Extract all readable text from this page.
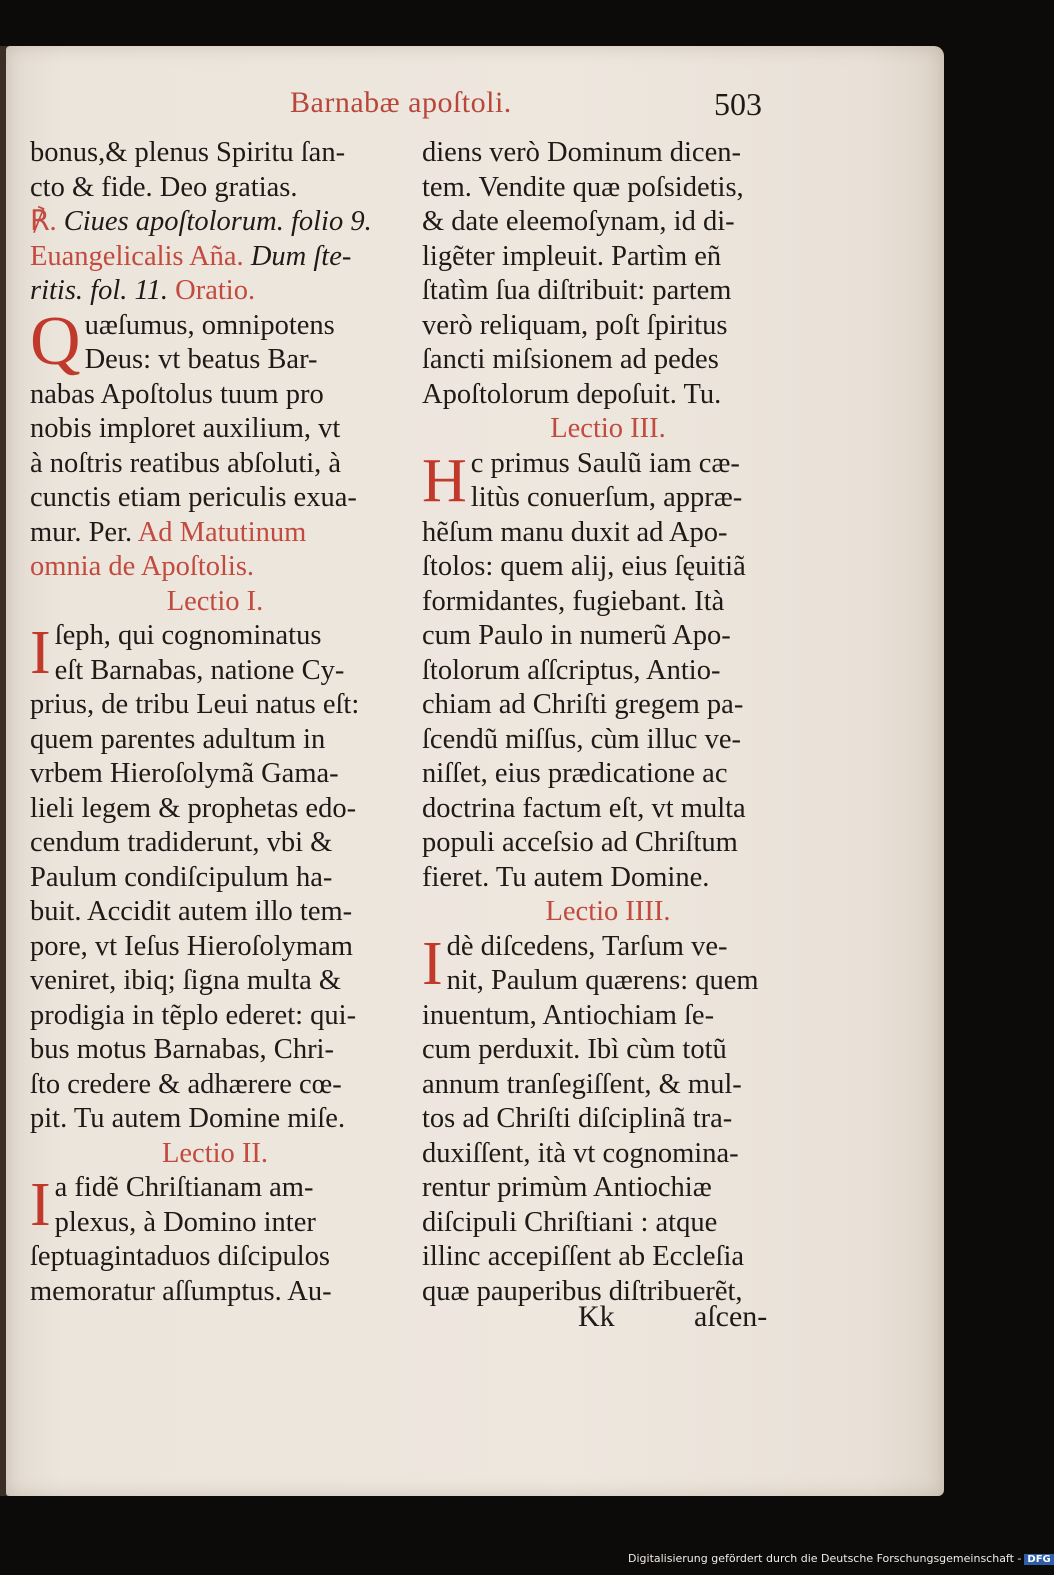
Barnabæ apoſtoli.	503
bonus,& plenus Spiritu ſan-
cto & fide. Deo gratias.
℟. Ciues apoſtolorum. folio 9.
Euangelicalis Aña. Dum ſte-
ritis. fol. 11. Oratio.
Quæſumus, omnipotens
Deus: vt beatus Bar-
nabas Apoſtolus tuum pro
nobis imploret auxilium, vt
à noſtris reatibus abſoluti, à
cunctis etiam periculis exua-
mur. Per. Ad Matutinum
omnia de Apoſtolis.
Lectio I.
Iſeph, qui cognominatus
eſt Barnabas, natione Cy-
prius, de tribu Leui natus eſt:
quem parentes adultum in
vrbem Hieroſolymã Gama-
lieli legem & prophetas edo-
cendum tradiderunt, vbi &
Paulum condiſcipulum ha-
buit. Accidit autem illo tem-
pore, vt Ieſus Hieroſolymam
veniret, ibiq; ſigna multa &
prodigia in tẽplo ederet: qui-
bus motus Barnabas, Chri-
ſto credere & adhærere cœ-
pit. Tu autem Domine miſe.
Lectio II.
Ia fidẽ Chriſtianam am-
plexus, à Domino inter
ſeptuagintaduos diſcipulos
memoratur aſſumptus. Au-
diens verò Dominum dicen-
tem. Vendite quæ poſsidetis,
& date eleemoſynam, id di-
ligẽter impleuit. Partìm eñ
ſtatìm ſua diſtribuit: partem
verò reliquam, poſt ſpiritus
ſancti miſsionem ad pedes
Apoſtolorum depoſuit. Tu.
Lectio III.
Hc primus Saulũ iam cæ-
litùs conuerſum, appræ-
hẽſum manu duxit ad Apo-
ſtolos: quem alij, eius ſęuitiã
formidantes, fugiebant. Ità
cum Paulo in numerũ Apo-
ſtolorum aſſcriptus, Antio-
chiam ad Chriſti gregem pa-
ſcendũ miſſus, cùm illuc ve-
niſſet, eius prædicatione ac
doctrina factum eſt, vt multa
populi acceſsio ad Chriſtum
fieret. Tu autem Domine.
Lectio IIII.
Idè diſcedens, Tarſum ve-
nit, Paulum quærens: quem
inuentum, Antiochiam ſe-
cum perduxit. Ibì cùm totũ
annum tranſegiſſent, & mul-
tos ad Chriſti diſciplinã tra-
duxiſſent, ità vt cognomina-
rentur primùm Antiochiæ
diſcipuli Chriſtiani : atque
illinc accepiſſent ab Eccleſia
quæ pauperibus diſtribuerẽt,
Kk	aſcen-
Digitalisierung gefördert durch die Deutsche Forschungsgemeinschaft - DFG
